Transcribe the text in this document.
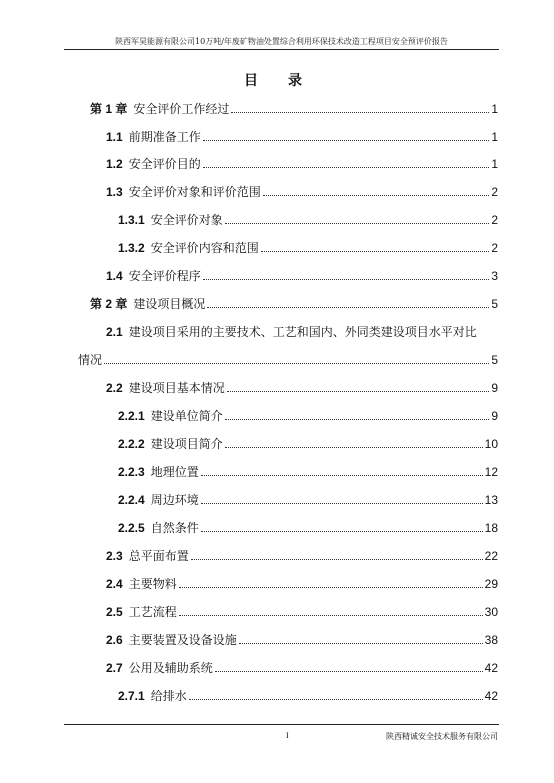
陕西军昊能源有限公司10万吨/年废矿物油处置综合利用环保技术改造工程项目安全预评价报告
目　录
第 1 章 安全评价工作经过	1
1.1 前期准备工作	1
1.2 安全评价目的	1
1.3 安全评价对象和评价范围	2
1.3.1 安全评价对象	2
1.3.2 安全评价内容和范围	2
1.4 安全评价程序	3
第 2 章 建设项目概况	5
2.1 建设项目采用的主要技术、工艺和国内、外同类建设项目水平对比
情况	5
2.2 建设项目基本情况	9
2.2.1 建设单位简介	9
2.2.2 建设项目简介	10
2.2.3 地理位置	12
2.2.4 周边环境	13
2.2.5 自然条件	18
2.3 总平面布置	22
2.4 主要物料	29
2.5 工艺流程	30
2.6 主要装置及设备设施	38
2.7 公用及辅助系统	42
2.7.1 给排水	42
I	陕西精诚安全技术服务有限公司
